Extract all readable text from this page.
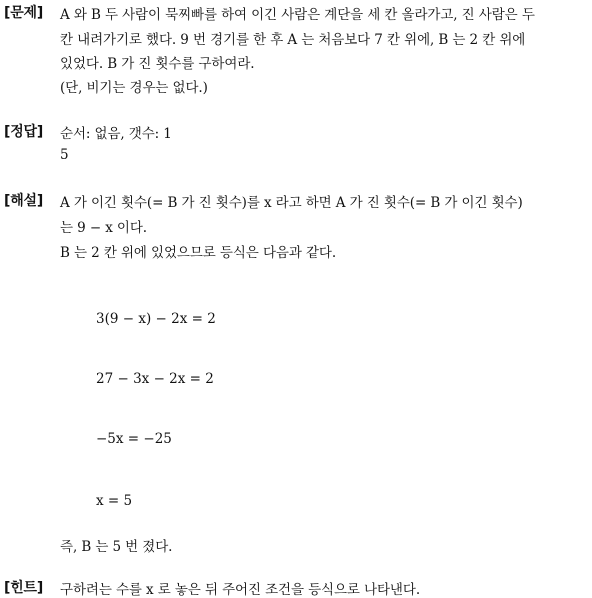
[문제] A 와 B 두 사람이 묵찌빠를 하여 이긴 사람은 계단을 세 칸 올라가고, 진 사람은 두
칸 내려가기로 했다. 9 번 경기를 한 후 A 는 처음보다 7 칸 위에, B 는 2 칸 위에
있었다. B 가 진 횟수를 구하여라.
(단, 비기는 경우는 없다.)
[정답] 순서: 없음, 갯수: 1
5
[해설] A 가 이긴 횟수(= B 가 진 횟수)를 x 라고 하면 A 가 진 횟수(= B 가 이긴 횟수)
는 9 − x 이다.
B 는 2 칸 위에 있었으므로 등식은 다음과 같다.
3(9 − x) − 2x = 2
27 − 3x − 2x = 2
−5x = −25
x = 5
즉, B 는 5 번 졌다.
[힌트] 구하려는 수를 x 로 놓은 뒤 주어진 조건을 등식으로 나타낸다.
